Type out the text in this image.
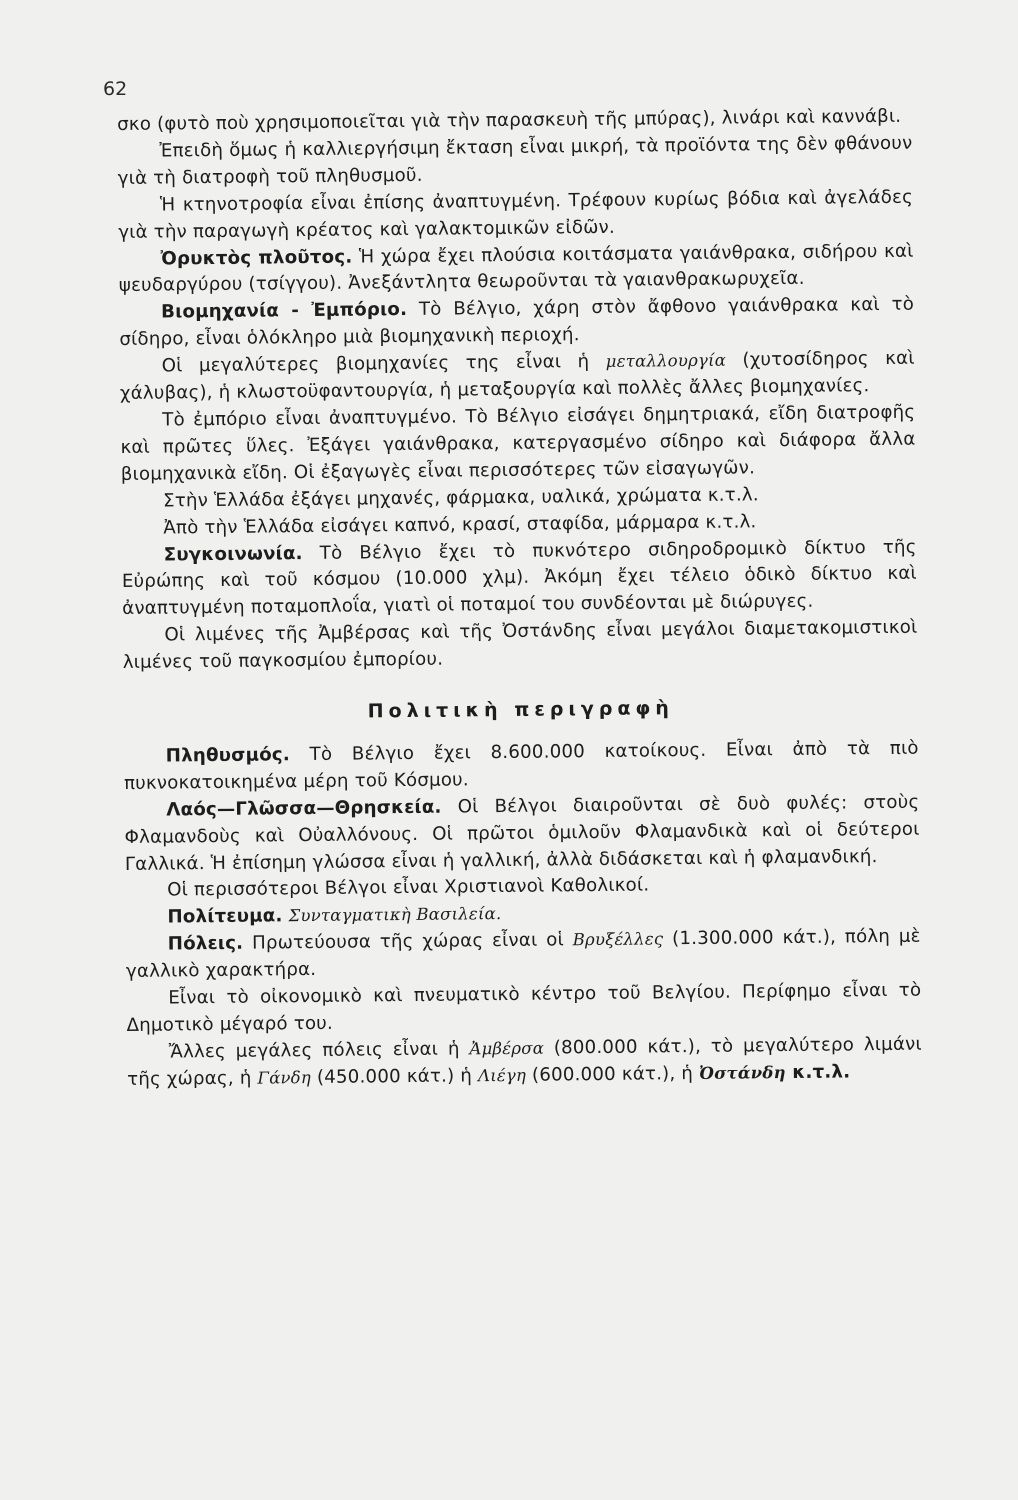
62

σκο (φυτὸ ποὺ χρησιμοποιεῖται γιὰ τὴν παρασκευὴ τῆς μπύρας), λινάρι καὶ καννάβι.

Ἐπειδὴ ὅμως ἡ καλλιεργήσιμη ἔκταση εἶναι μικρή, τὰ προϊόντα της δὲν φθάνουν γιὰ τὴ διατροφὴ τοῦ πληθυσμοῦ.

Ἡ κτηνοτροφία εἶναι ἐπίσης ἀναπτυγμένη. Τρέφουν κυρίως βόδια καὶ ἀγελάδες γιὰ τὴν παραγωγὴ κρέατος καὶ γαλακτομικῶν εἰδῶν.

Ὀρυκτὸς πλοῦτος. Ἡ χώρα ἔχει πλούσια κοιτάσματα γαιάνθρακα, σιδήρου καὶ ψευδαργύρου (τσίγγου). Ἀνεξάντλητα θεωροῦνται τὰ γαιανθρακωρυχεῖα.

Βιομηχανία - Ἐμπόριο. Τὸ Βέλγιο, χάρη στὸν ἄφθονο γαιάνθρακα καὶ τὸ σίδηρο, εἶναι ὁλόκληρο μιὰ βιομηχανικὴ περιοχή.

Οἱ μεγαλύτερες βιομηχανίες της εἶναι ἡ μεταλλουργία (χυτοσίδηρος καὶ χάλυβας), ἡ κλωστοϋφαντουργία, ἡ μεταξουργία καὶ πολλὲς ἄλλες βιομηχανίες.

Τὸ ἐμπόριο εἶναι ἀναπτυγμένο. Τὸ Βέλγιο εἰσάγει δημητριακά, εἴδη διατροφῆς καὶ πρῶτες ὕλες. Ἐξάγει γαιάνθρακα, κατεργασμένο σίδηρο καὶ διάφορα ἄλλα βιομηχανικὰ εἴδη. Οἱ ἐξαγωγὲς εἶναι περισσότερες τῶν εἰσαγωγῶν.

Στὴν Ἑλλάδα ἐξάγει μηχανές, φάρμακα, υαλικά, χρώματα κ.τ.λ.

Ἀπὸ τὴν Ἑλλάδα εἰσάγει καπνό, κρασί, σταφίδα, μάρμαρα κ.τ.λ.

Συγκοινωνία. Τὸ Βέλγιο ἔχει τὸ πυκνότερο σιδηροδρομικὸ δίκτυο τῆς Εὐρώπης καὶ τοῦ κόσμου (10.000 χλμ). Ἀκόμη ἔχει τέλειο ὁδικὸ δίκτυο καὶ ἀναπτυγμένη ποταμοπλοΐα, γιατὶ οἱ ποταμοί του συνδέονται μὲ διώρυγες.

Οἱ λιμένες τῆς Ἀμβέρσας καὶ τῆς Ὀστάνδης εἶναι μεγάλοι διαμετακομιστικοὶ λιμένες τοῦ παγκοσμίου ἐμπορίου.

Πολιτικὴ περιγραφὴ

Πληθυσμός. Τὸ Βέλγιο ἔχει 8.600.000 κατοίκους. Εἶναι ἀπὸ τὰ πιὸ πυκνοκατοικημένα μέρη τοῦ Κόσμου.

Λαός—Γλῶσσα—Θρησκεία. Οἱ Βέλγοι διαιροῦνται σὲ δυὸ φυλές: στοὺς Φλαμανδοὺς καὶ Οὐαλλόνους. Οἱ πρῶτοι ὁμιλοῦν Φλαμανδικὰ καὶ οἱ δεύτεροι Γαλλικά. Ἡ ἐπίσημη γλώσσα εἶναι ἡ γαλλική, ἀλλὰ διδάσκεται καὶ ἡ φλαμανδική.

Οἱ περισσότεροι Βέλγοι εἶναι Χριστιανοὶ Καθολικοί.

Πολίτευμα. Συνταγματικὴ Βασιλεία.

Πόλεις. Πρωτεύουσα τῆς χώρας εἶναι οἱ Βρυξέλλες (1.300.000 κάτ.), πόλη μὲ γαλλικὸ χαρακτήρα.

Εἶναι τὸ οἰκονομικὸ καὶ πνευματικὸ κέντρο τοῦ Βελγίου. Περίφημο εἶναι τὸ Δημοτικὸ μέγαρό του.

Ἄλλες μεγάλες πόλεις εἶναι ἡ Ἀμβέρσα (800.000 κάτ.), τὸ μεγαλύτερο λιμάνι τῆς χώρας, ἡ Γάνδη (450.000 κάτ.) ἡ Λιέγη (600.000 κάτ.), ἡ Ὀστάνδη κ.τ.λ.
